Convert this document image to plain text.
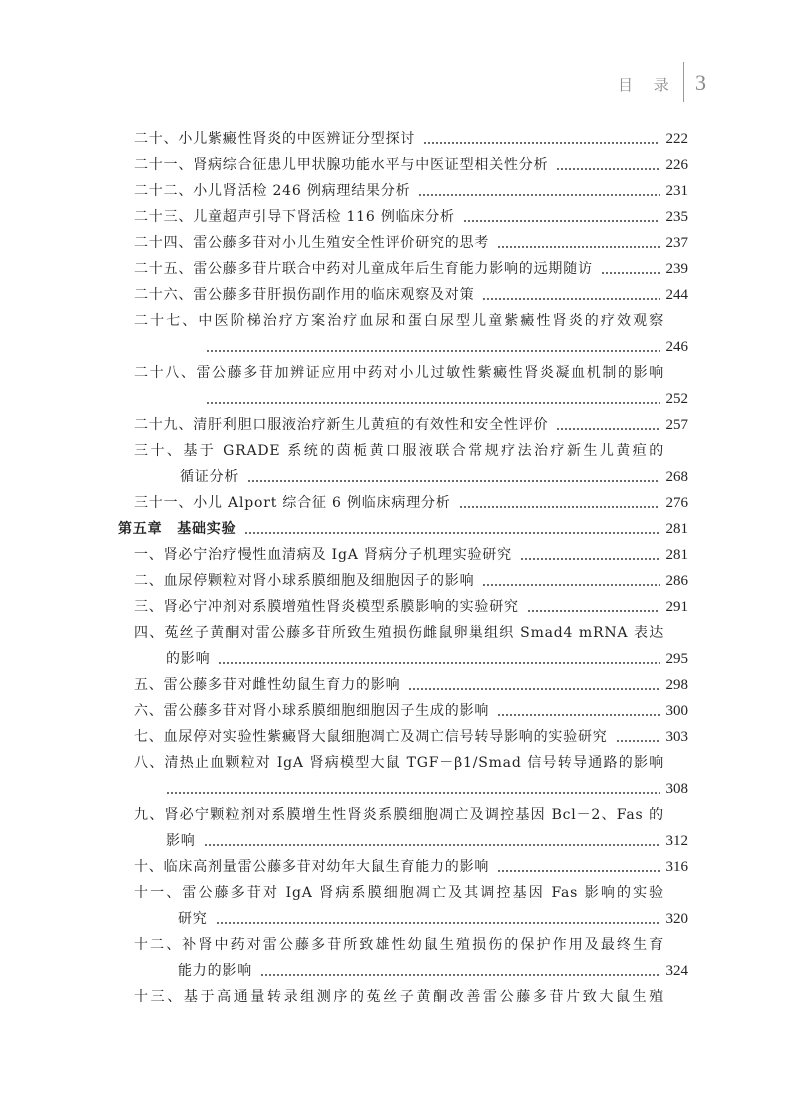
目 录 3
二十、小儿紫癜性肾炎的中医辨证分型探讨	222
二十一、肾病综合征患儿甲状腺功能水平与中医证型相关性分析	226
二十二、小儿肾活检 246 例病理结果分析	231
二十三、儿童超声引导下肾活检 116 例临床分析	235
二十四、雷公藤多苷对小儿生殖安全性评价研究的思考	237
二十五、雷公藤多苷片联合中药对儿童成年后生育能力影响的远期随访	239
二十六、雷公藤多苷肝损伤副作用的临床观察及对策	244
二十七、中医阶梯治疗方案治疗血尿和蛋白尿型儿童紫癜性肾炎的疗效观察
246
二十八、雷公藤多苷加辨证应用中药对小儿过敏性紫癜性肾炎凝血机制的影响
252
二十九、清肝利胆口服液治疗新生儿黄疸的有效性和安全性评价	257
三十、基于 GRADE 系统的茵栀黄口服液联合常规疗法治疗新生儿黄疸的
循证分析	268
三十一、小儿 Alport 综合征 6 例临床病理分析	276
第五章　基础实验	281
一、肾必宁治疗慢性血清病及 IgA 肾病分子机理实验研究	281
二、血尿停颗粒对肾小球系膜细胞及细胞因子的影响	286
三、肾必宁冲剂对系膜增殖性肾炎模型系膜影响的实验研究	291
四、菟丝子黄酮对雷公藤多苷所致生殖损伤雌鼠卵巢组织 Smad4 mRNA 表达
的影响	295
五、雷公藤多苷对雌性幼鼠生育力的影响	298
六、雷公藤多苷对肾小球系膜细胞细胞因子生成的影响	300
七、血尿停对实验性紫癜肾大鼠细胞凋亡及凋亡信号转导影响的实验研究	303
八、清热止血颗粒对 IgA 肾病模型大鼠 TGF－β1/Smad 信号转导通路的影响
308
九、肾必宁颗粒剂对系膜增生性肾炎系膜细胞凋亡及调控基因 Bcl－2、Fas 的
影响	312
十、临床高剂量雷公藤多苷对幼年大鼠生育能力的影响	316
十一、雷公藤多苷对 IgA 肾病系膜细胞凋亡及其调控基因 Fas 影响的实验
研究	320
十二、补肾中药对雷公藤多苷所致雄性幼鼠生殖损伤的保护作用及最终生育
能力的影响	324
十三、基于高通量转录组测序的菟丝子黄酮改善雷公藤多苷片致大鼠生殖
